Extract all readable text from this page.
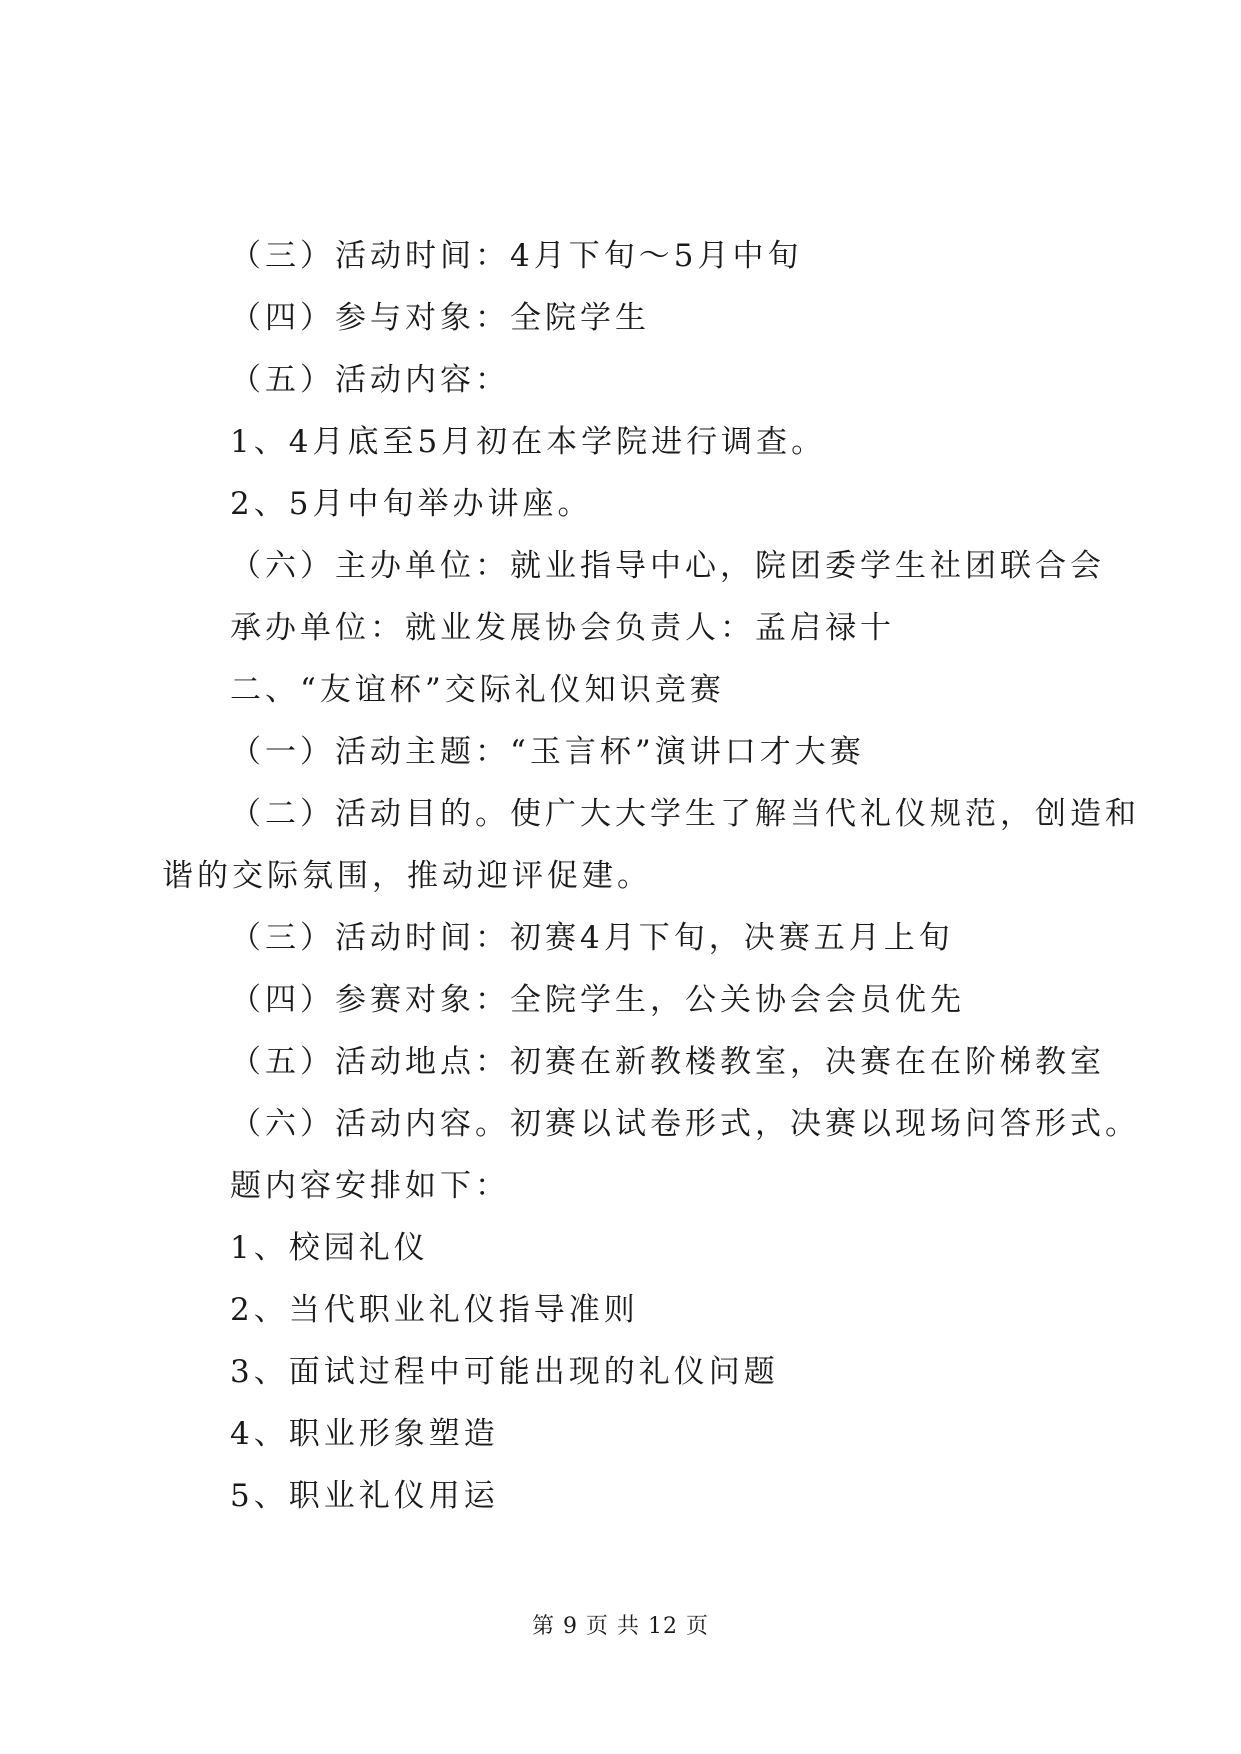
（三）活动时间：4月下旬～5月中旬
（四）参与对象：全院学生
（五）活动内容：
1、4月底至5月初在本学院进行调查。
2、5月中旬举办讲座。
（六）主办单位：就业指导中心，院团委学生社团联合会
承办单位：就业发展协会负责人：孟启禄十
二、“友谊杯”交际礼仪知识竞赛
（一）活动主题：“玉言杯”演讲口才大赛
（二）活动目的。使广大大学生了解当代礼仪规范，创造和
谐的交际氛围，推动迎评促建。
（三）活动时间：初赛4月下旬，决赛五月上旬
（四）参赛对象：全院学生，公关协会会员优先
（五）活动地点：初赛在新教楼教室，决赛在在阶梯教室
（六）活动内容。初赛以试卷形式，决赛以现场问答形式。
题内容安排如下：
1、校园礼仪
2、当代职业礼仪指导准则
3、面试过程中可能出现的礼仪问题
4、职业形象塑造
5、职业礼仪用运
第 9 页 共 12 页
